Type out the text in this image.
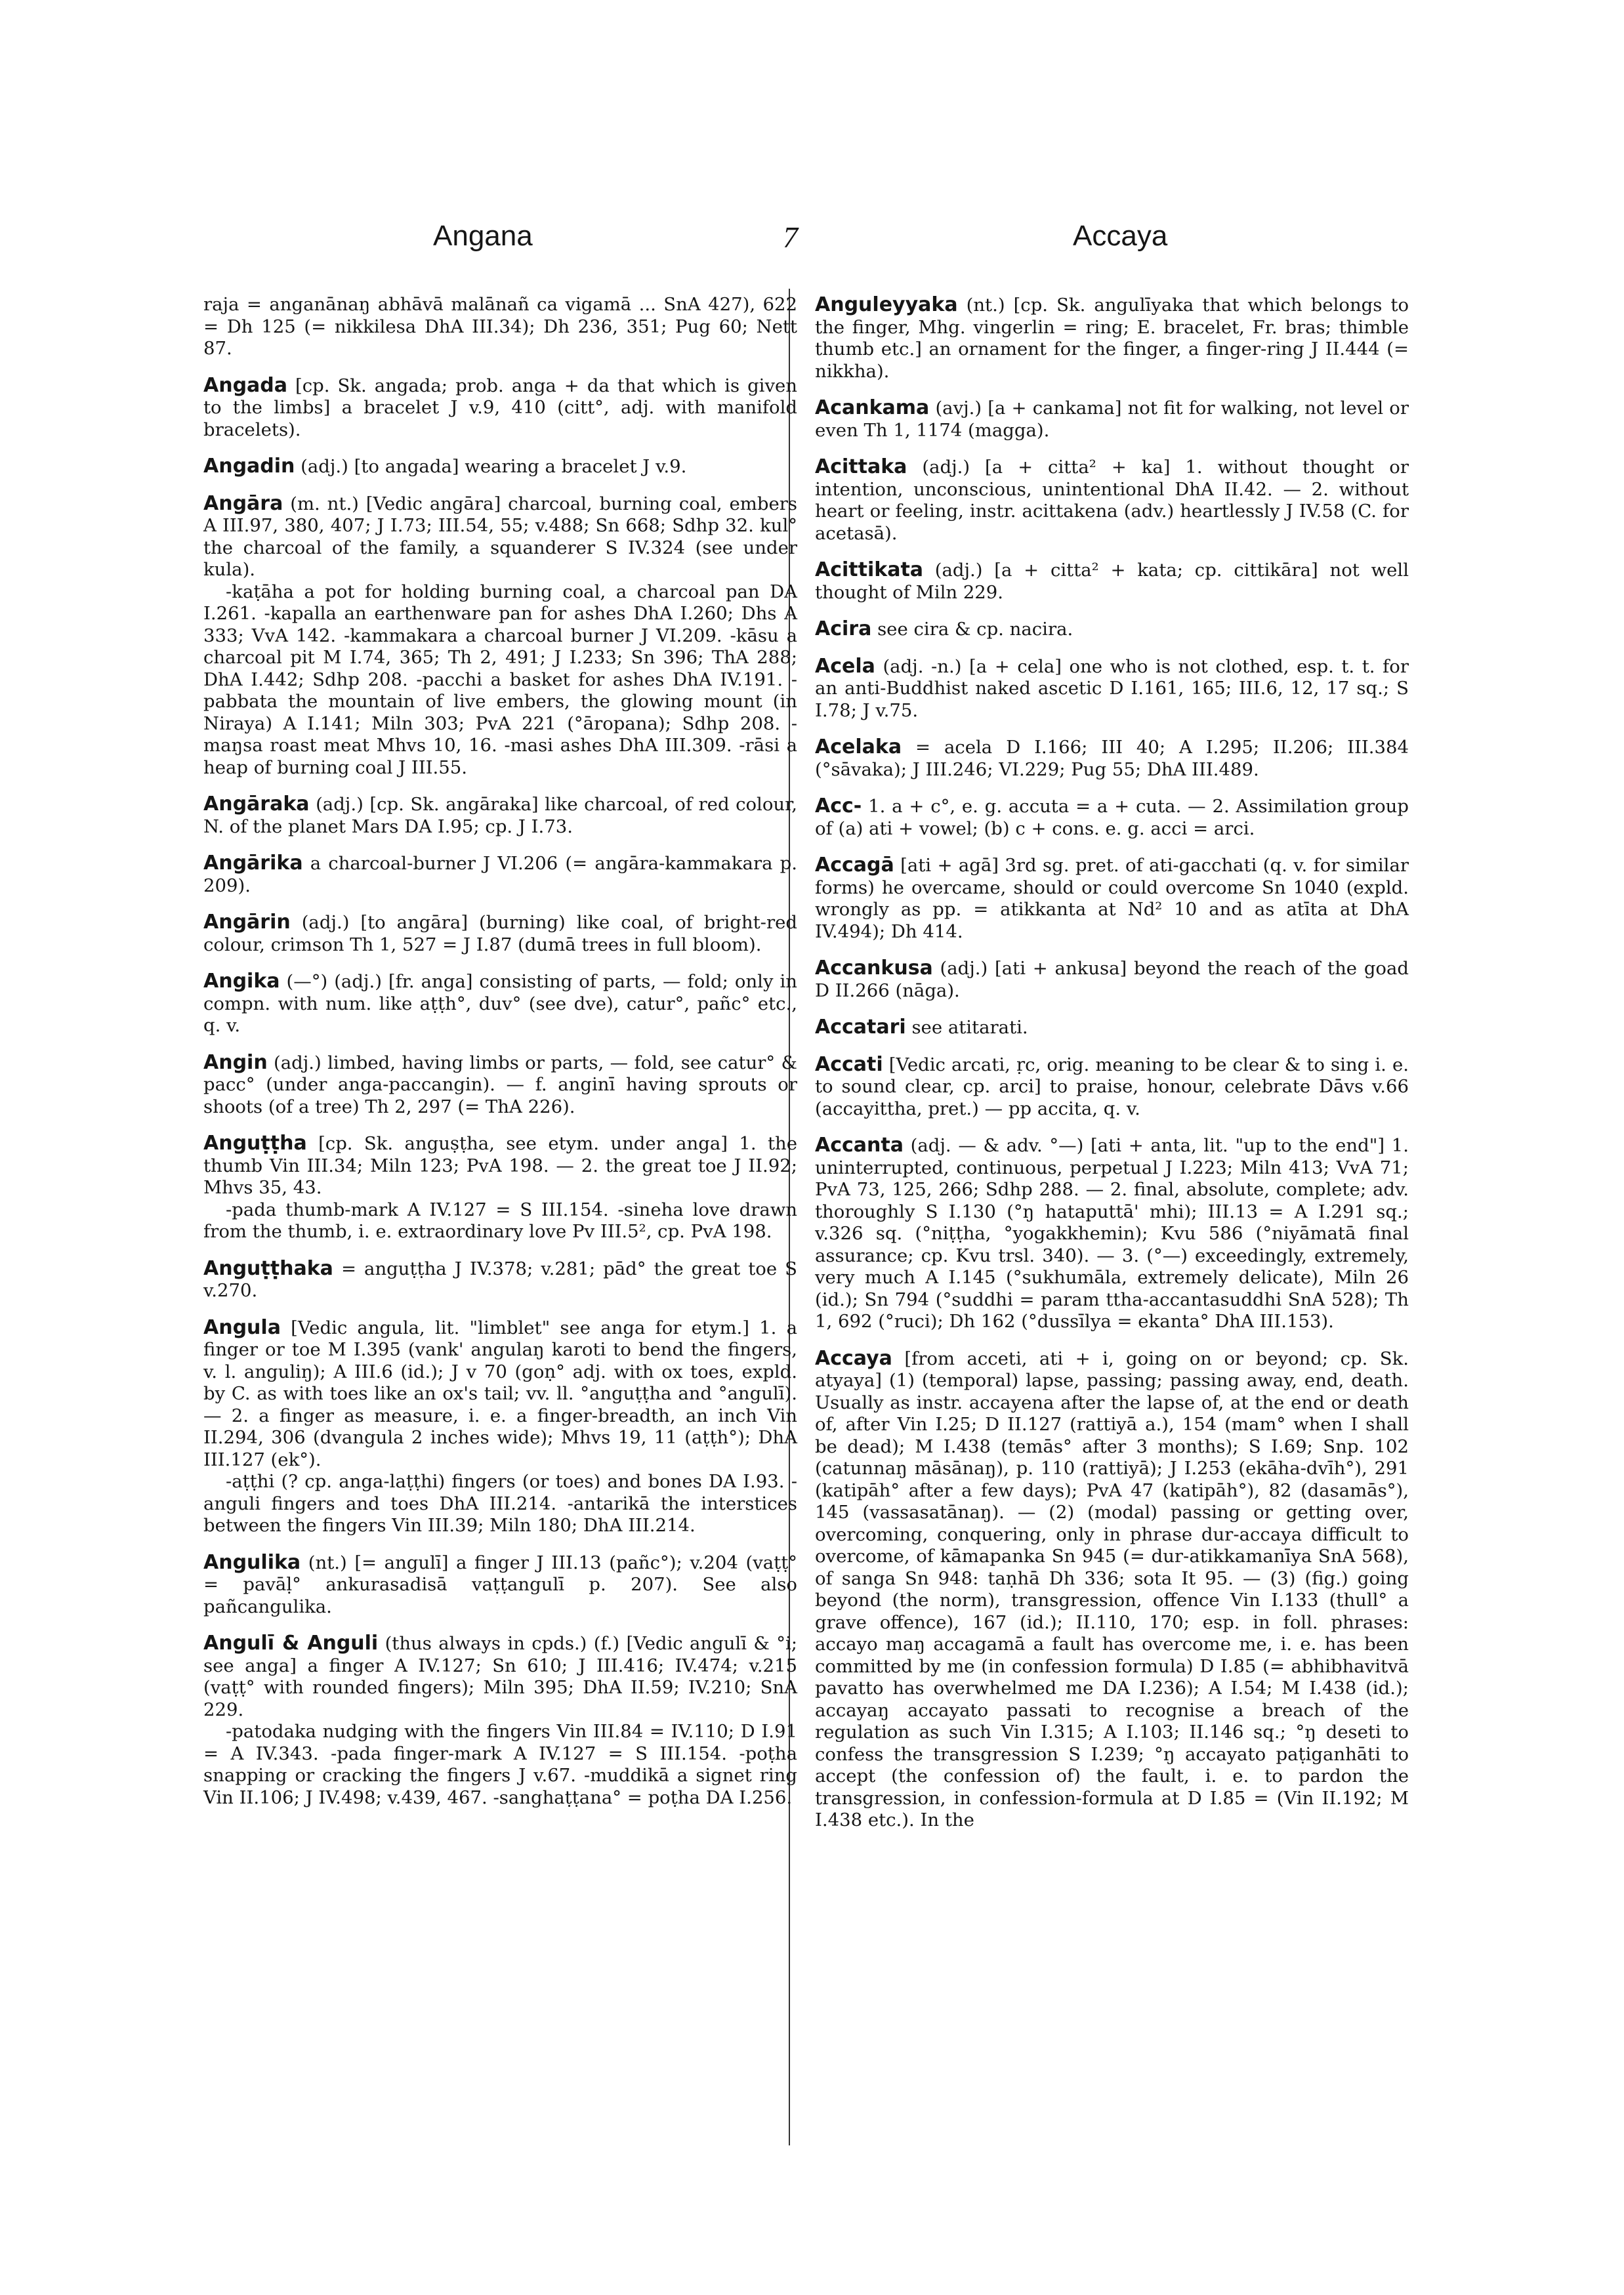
Angana	7	Accaya
raja = anganānaŋ abhāvā malānañ ca vigamā ... SnA 427), 622 = Dh 125 (= nikkilesa DhA III.34); Dh 236, 351; Pug 60; Nett 87.
Angada [cp. Sk. angada; prob. anga + da that which is given to the limbs] a bracelet J v.9, 410 (citt°, adj. with manifold bracelets).
Angadin (adj.) [to angada] wearing a bracelet J v.9.
Angāra (m. nt.) [Vedic angāra] charcoal, burning coal, embers A III.97, 380, 407; J I.73; III.54, 55; v.488; Sn 668; Sdhp 32. kul° the charcoal of the family, a squanderer S IV.324 (see under kula).
-kaṭāha a pot for holding burning coal, a charcoal pan DA I.261. -kapalla an earthenware pan for ashes DhA I.260; Dhs A 333; VvA 142. -kammakara a charcoal burner J VI.209. -kāsu a charcoal pit M I.74, 365; Th 2, 491; J I.233; Sn 396; ThA 288; DhA I.442; Sdhp 208. -pacchi a basket for ashes DhA IV.191. -pabbata the mountain of live embers, the glowing mount (in Niraya) A I.141; Miln 303; PvA 221 (°āropana); Sdhp 208. -maŋsa roast meat Mhvs 10, 16. -masi ashes DhA III.309. -rāsi a heap of burning coal J III.55.
Angāraka (adj.) [cp. Sk. angāraka] like charcoal, of red colour, N. of the planet Mars DA I.95; cp. J I.73.
Angārika a charcoal-burner J VI.206 (= angāra-kammakara p. 209).
Angārin (adj.) [to angāra] (burning) like coal, of bright-red colour, crimson Th 1, 527 = J I.87 (dumā trees in full bloom).
Angika (—°) (adj.) [fr. anga] consisting of parts, — fold; only in compn. with num. like aṭṭh°, duv° (see dve), catur°, pañc° etc., q. v.
Angin (adj.) limbed, having limbs or parts, — fold, see catur° & pacc° (under anga-paccangin). — f. anginī having sprouts or shoots (of a tree) Th 2, 297 (= ThA 226).
Anguṭṭha [cp. Sk. anguṣṭha, see etym. under anga] 1. the thumb Vin III.34; Miln 123; PvA 198. — 2. the great toe J II.92; Mhvs 35, 43.
-pada thumb-mark A IV.127 = S III.154. -sineha love drawn from the thumb, i. e. extraordinary love Pv III.5², cp. PvA 198.
Anguṭṭhaka = anguṭṭha J IV.378; v.281; pād° the great toe S v.270.
Angula [Vedic angula, lit. "limblet" see anga for etym.] 1. a finger or toe M I.395 (vank' angulaŋ karoti to bend the fingers, v. l. anguliŋ); A III.6 (id.); J v 70 (goṇ° adj. with ox toes, expld. by C. as with toes like an ox's tail; vv. ll. °anguṭṭha and °angulī). — 2. a finger as measure, i. e. a finger-breadth, an inch Vin II.294, 306 (dvangula 2 inches wide); Mhvs 19, 11 (aṭṭh°); DhA III.127 (ek°).
-aṭṭhi (? cp. anga-laṭṭhi) fingers (or toes) and bones DA I.93. -anguli fingers and toes DhA III.214. -antarikā the interstices between the fingers Vin III.39; Miln 180; DhA III.214.
Angulika (nt.) [= angulī] a finger J III.13 (pañc°); v.204 (vaṭṭ° = pavāḷ° ankurasadisā vaṭṭangulī p. 207). See also pañcangulika.
Angulī & Anguli (thus always in cpds.) (f.) [Vedic angulī & °i; see anga] a finger A IV.127; Sn 610; J III.416; IV.474; v.215 (vaṭṭ° with rounded fingers); Miln 395; DhA II.59; IV.210; SnA 229.
-patodaka nudging with the fingers Vin III.84 = IV.110; D I.91 = A IV.343. -pada finger-mark A IV.127 = S III.154. -poṭha snapping or cracking the fingers J v.67. -muddikā a signet ring Vin II.106; J IV.498; v.439, 467. -sanghaṭṭana° = poṭha DA I.256.
Anguleyyaka (nt.) [cp. Sk. angulīyaka that which belongs to the finger, Mhg. vingerlin = ring; E. bracelet, Fr. bras; thimble thumb etc.] an ornament for the finger, a finger-ring J II.444 (= nikkha).
Acankama (avj.) [a + cankama] not fit for walking, not level or even Th 1, 1174 (magga).
Acittaka (adj.) [a + citta² + ka] 1. without thought or intention, unconscious, unintentional DhA II.42. — 2. without heart or feeling, instr. acittakena (adv.) heartlessly J IV.58 (C. for acetasā).
Acittikata (adj.) [a + citta² + kata; cp. cittikāra] not well thought of Miln 229.
Acira see cira & cp. nacira.
Acela (adj. -n.) [a + cela] one who is not clothed, esp. t. t. for an anti-Buddhist naked ascetic D I.161, 165; III.6, 12, 17 sq.; S I.78; J v.75.
Acelaka = acela D I.166; III 40; A I.295; II.206; III.384 (°sāvaka); J III.246; VI.229; Pug 55; DhA III.489.
Acc- 1. a + c°, e. g. accuta = a + cuta. — 2. Assimilation group of (a) ati + vowel; (b) c + cons. e. g. acci = arci.
Accagā [ati + agā] 3rd sg. pret. of ati-gacchati (q. v. for similar forms) he overcame, should or could overcome Sn 1040 (expld. wrongly as pp. = atikkanta at Nd² 10 and as atīta at DhA IV.494); Dh 414.
Accankusa (adj.) [ati + ankusa] beyond the reach of the goad D II.266 (nāga).
Accatari see atitarati.
Accati [Vedic arcati, ṛc, orig. meaning to be clear & to sing i. e. to sound clear, cp. arci] to praise, honour, celebrate Dāvs v.66 (accayittha, pret.) — pp accita, q. v.
Accanta (adj. — & adv. °—) [ati + anta, lit. "up to the end"] 1. uninterrupted, continuous, perpetual J I.223; Miln 413; VvA 71; PvA 73, 125, 266; Sdhp 288. — 2. final, absolute, complete; adv. thoroughly S I.130 (°ŋ hataputtā' mhi); III.13 = A I.291 sq.; v.326 sq. (°niṭṭha, °yogakkhemin); Kvu 586 (°niyāmatā final assurance; cp. Kvu trsl. 340). — 3. (°—) exceedingly, extremely, very much A I.145 (°sukhumāla, extremely delicate), Miln 26 (id.); Sn 794 (°suddhi = param ttha-accantasuddhi SnA 528); Th 1, 692 (°ruci); Dh 162 (°dussīlya = ekanta° DhA III.153).
Accaya [from acceti, ati + i, going on or beyond; cp. Sk. atyaya] (1) (temporal) lapse, passing; passing away, end, death. Usually as instr. accayena after the lapse of, at the end or death of, after Vin I.25; D II.127 (rattiyā a.), 154 (mam° when I shall be dead); M I.438 (temās° after 3 months); S I.69; Snp. 102 (catunnaŋ māsānaŋ), p. 110 (rattiyā); J I.253 (ekāha-dvīh°), 291 (katipāh° after a few days); PvA 47 (katipāh°), 82 (dasamās°), 145 (vassasatānaŋ). — (2) (modal) passing or getting over, overcoming, conquering, only in phrase dur-accaya difficult to overcome, of kāmapanka Sn 945 (= dur-atikkamanīya SnA 568), of sanga Sn 948: taṇhā Dh 336; sota It 95. — (3) (fig.) going beyond (the norm), transgression, offence Vin I.133 (thull° a grave offence), 167 (id.); II.110, 170; esp. in foll. phrases: accayo maŋ accagamā a fault has overcome me, i. e. has been committed by me (in confession formula) D I.85 (= abhibhavitvā pavatto has overwhelmed me DA I.236); A I.54; M I.438 (id.); accayaŋ accayato passati to recognise a breach of the regulation as such Vin I.315; A I.103; II.146 sq.; °ŋ deseti to confess the transgression S I.239; °ŋ accayato paṭiganhāti to accept (the confession of) the fault, i. e. to pardon the transgression, in confession-formula at D I.85 = (Vin II.192; M I.438 etc.). In the
